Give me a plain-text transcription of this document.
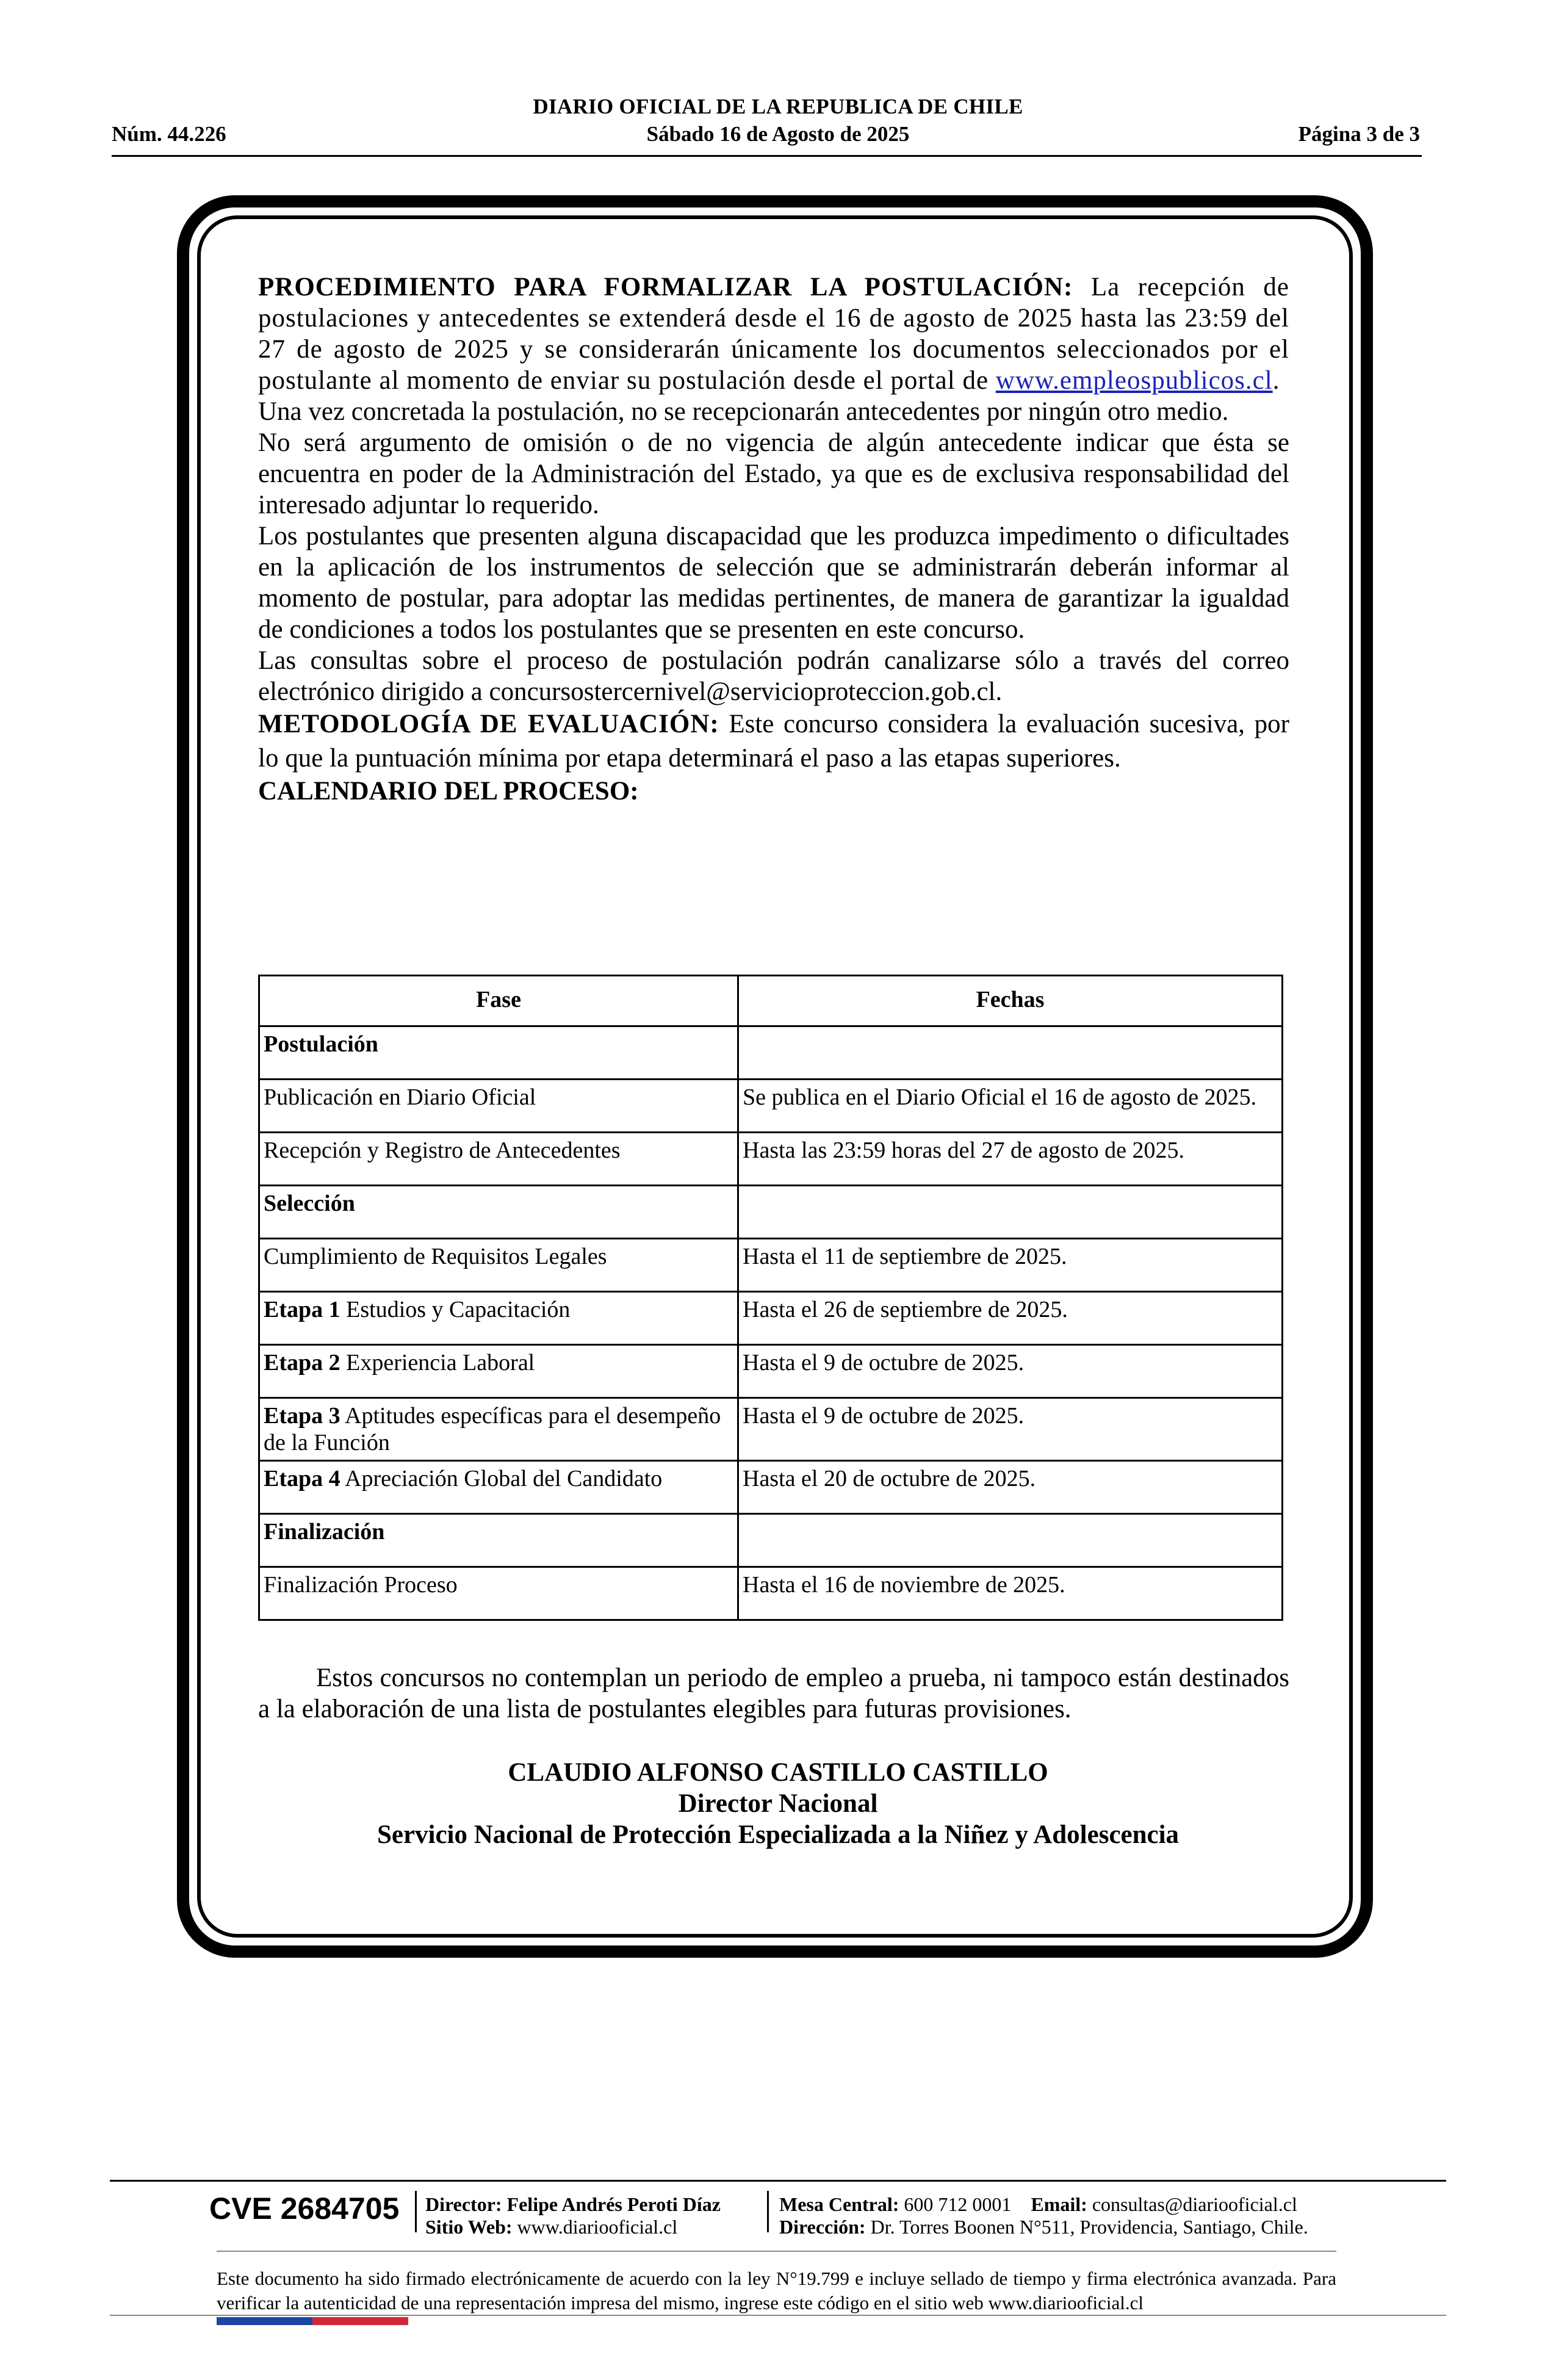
DIARIO OFICIAL DE LA REPUBLICA DE CHILE
Núm. 44.226	Sábado 16 de Agosto de 2025	Página 3 de 3

PROCEDIMIENTO PARA FORMALIZAR LA POSTULACIÓN: La recepción de postulaciones y antecedentes se extenderá desde el 16 de agosto de 2025 hasta las 23:59 del 27 de agosto de 2025 y se considerarán únicamente los documentos seleccionados por el postulante al momento de enviar su postulación desde el portal de www.empleospublicos.cl.

Una vez concretada la postulación, no se recepcionarán antecedentes por ningún otro medio.

No será argumento de omisión o de no vigencia de algún antecedente indicar que ésta se encuentra en poder de la Administración del Estado, ya que es de exclusiva responsabilidad del interesado adjuntar lo requerido.

Los postulantes que presenten alguna discapacidad que les produzca impedimento o dificultades en la aplicación de los instrumentos de selección que se administrarán deberán informar al momento de postular, para adoptar las medidas pertinentes, de manera de garantizar la igualdad de condiciones a todos los postulantes que se presenten en este concurso.

Las consultas sobre el proceso de postulación podrán canalizarse sólo a través del correo electrónico dirigido a concursostercernivel@servicioproteccion.gob.cl.

METODOLOGÍA DE EVALUACIÓN: Este concurso considera la evaluación sucesiva, por lo que la puntuación mínima por etapa determinará el paso a las etapas superiores.

CALENDARIO DEL PROCESO:

Fase	Fechas
Postulación	
Publicación en Diario Oficial	Se publica en el Diario Oficial el 16 de agosto de 2025.
Recepción y Registro de Antecedentes	Hasta las 23:59 horas del 27 de agosto de 2025.
Selección	
Cumplimiento de Requisitos Legales	Hasta el 11 de septiembre de 2025.
Etapa 1 Estudios y Capacitación	Hasta el 26 de septiembre de 2025.
Etapa 2 Experiencia Laboral	Hasta el 9 de octubre de 2025.
Etapa 3 Aptitudes específicas para el desempeño de la Función	Hasta el 9 de octubre de 2025.
Etapa 4 Apreciación Global del Candidato	Hasta el 20 de octubre de 2025.
Finalización	
Finalización Proceso	Hasta el 16 de noviembre de 2025.
Estos concursos no contemplan un periodo de empleo a prueba, ni tampoco están destinados a la elaboración de una lista de postulantes elegibles para futuras provisiones.
CLAUDIO ALFONSO CASTILLO CASTILLO
Director Nacional
Servicio Nacional de Protección Especializada a la Niñez y Adolescencia
CVE 2684705 Director: Felipe Andrés Peroti Díaz
Sitio Web: www.diariooficial.cl
Mesa Central: 600 712 0001 Email: consultas@diariooficial.cl
Dirección: Dr. Torres Boonen N°511, Providencia, Santiago, Chile.
Este documento ha sido firmado electrónicamente de acuerdo con la ley N°19.799 e incluye sellado de tiempo y firma electrónica avanzada. Para verificar la autenticidad de una representación impresa del mismo, ingrese este código en el sitio web www.diariooficial.cl
